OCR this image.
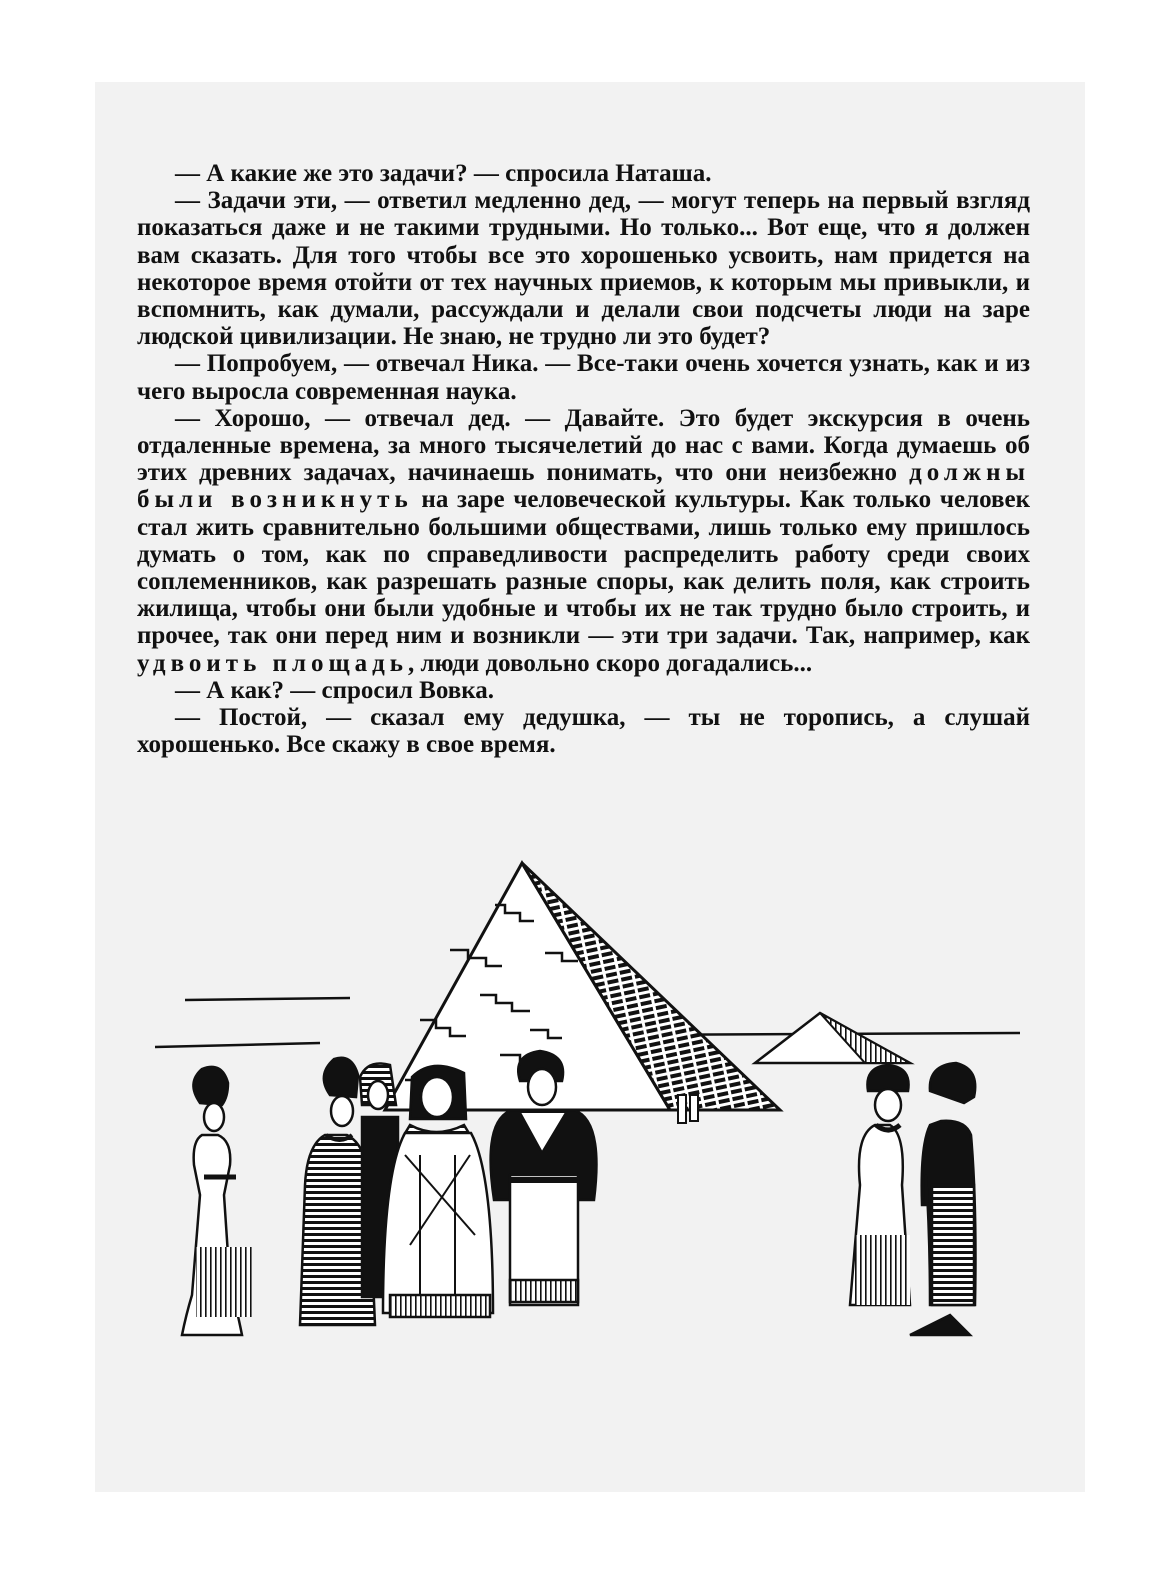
— А какие же это задачи? — спросила Наташа.

— Задачи эти, — ответил медленно дед, — могут теперь на первый взгляд показаться даже и не такими трудными. Но только... Вот еще, что я должен вам сказать. Для того чтобы все это хорошенько усвоить, нам придется на некоторое время отойти от тех научных приемов, к которым мы привыкли, и вспомнить, как думали, рассуждали и делали свои подсчеты люди на заре людской цивилизации. Не знаю, не трудно ли это будет?

— Попробуем, — отвечал Ника. — Все-таки очень хочется узнать, как и из чего выросла современная наука.

— Хорошо, — отвечал дед. — Давайте. Это будет экскурсия в очень отдаленные времена, за много тысячелетий до нас с вами. Когда думаешь об этих древних задачах, начинаешь понимать, что они неизбежно должны были возникнуть на заре человеческой культуры. Как только человек стал жить сравнительно большими обществами, лишь только ему пришлось думать о том, как по справедливости распределить работу среди своих соплеменников, как разрешать разные споры, как делить поля, как строить жилища, чтобы они были удобные и чтобы их не так трудно было строить, и прочее, так они перед ним и возникли — эти три задачи. Так, например, как удвоить площадь, люди довольно скоро догадались...

— А как? — спросил Вовка.

— Постой, — сказал ему дедушка, — ты не торопись, а слушай хорошенько. Все скажу в свое время.
